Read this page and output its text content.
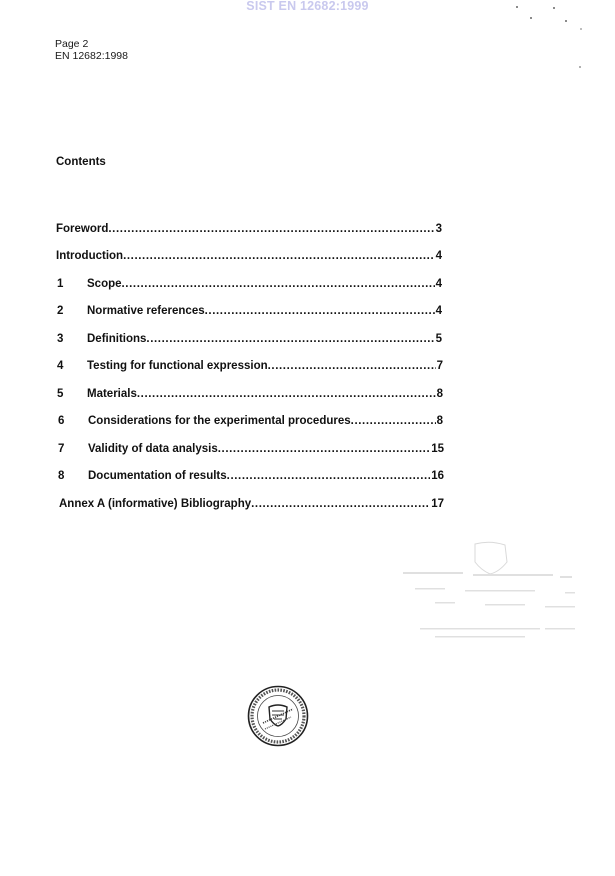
SIST EN 12682:1999
Page 2
EN 12682:1998
Contents
Foreword .....	3
Introduction .....	4
1	Scope .....	4
2	Normative references .....	4
3	Definitions .....	5
4	Testing for functional expression .....	7
5	Materials .....	8
6	Considerations for the experimental procedures .....	8
7	Validity of data analysis .....	15
8	Documentation of results .....	16
Annex A (informative) Bibliography .....	17
